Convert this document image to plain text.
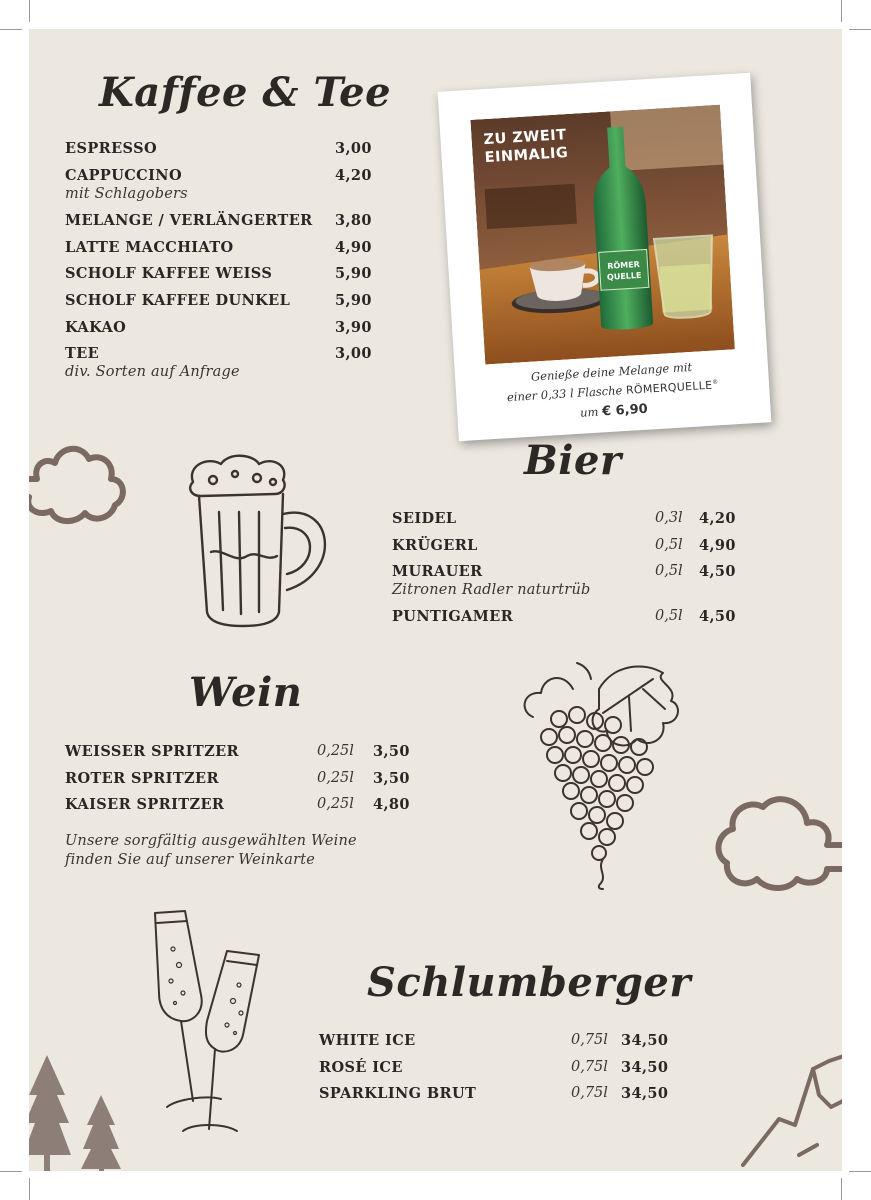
Kaffee & Tee
ESPRESSO	3,00
CAPPUCCINO	4,20
mit Schlagobers
MELANGE / VERLÄNGERTER 3,80
LATTE MACCHIATO	4,90
SCHOLF KAFFEE WEISS	5,90
SCHOLF KAFFEE DUNKEL	5,90
KAKAO	3,90
TEE	3,00
div. Sorten auf Anfrage
Bier
SEIDEL	0,3l 4,20
KRÜGERL	0,5l 4,90
MURAUER	0,5l 4,50
Zitronen Radler naturtrüb
PUNTIGAMER	0,5l 4,50
Wein
WEISSER SPRITZER	0,25l 3,50
ROTER SPRITZER	0,25l 3,50
KAISER SPRITZER	0,25l 4,80
Unsere sorgfältig ausgewählten Weine
finden Sie auf unserer Weinkarte
Schlumberger
WHITE ICE	0,75l 34,50
ROSÉ ICE	0,75l 34,50
SPARKLING BRUT	0,75l 34,50
RÖMER
QUELLE
ZU ZWEIT
EINMALIG
Genieße deine Melange mit
einer 0,33 l Flasche RÖMERQUELLE®
um € 6,90
